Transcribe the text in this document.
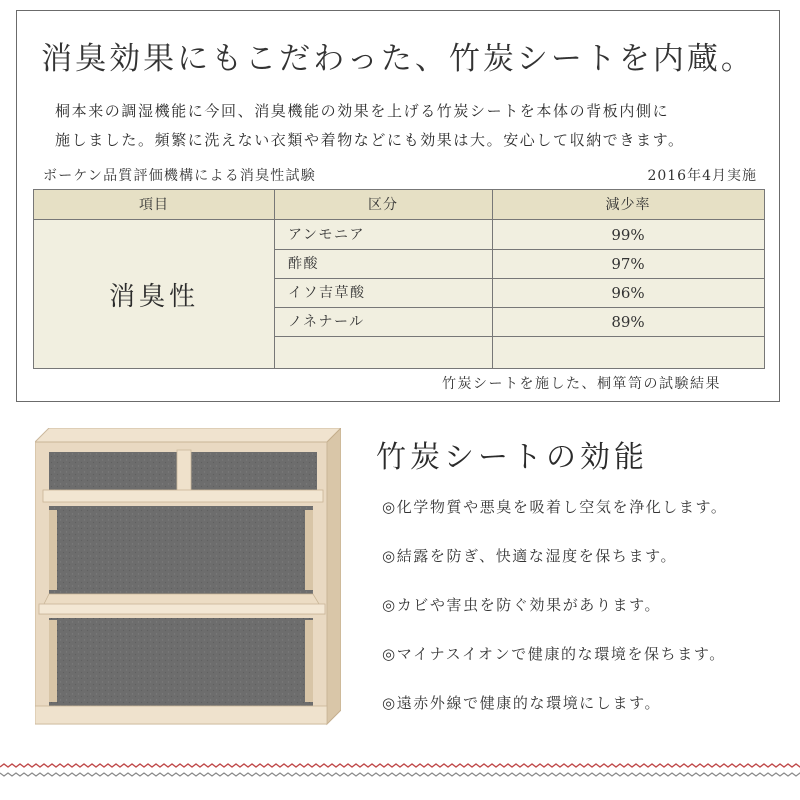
消臭効果にもこだわった、竹炭シートを内蔵。
桐本来の調湿機能に今回、消臭機能の効果を上げる竹炭シートを本体の背板内側に
施しました。頻繁に洗えない衣類や着物などにも効果は大。安心して収納できます。
ボーケン品質評価機構による消臭性試験	2016年4月実施
項目	区分	減少率
消臭性
アンモニア	99%
酢酸	97%
イソ吉草酸	96%
ノネナール	89%
竹炭シートを施した、桐箪笥の試験結果
竹炭シートの効能
◎化学物質や悪臭を吸着し空気を浄化します。
◎結露を防ぎ、快適な湿度を保ちます。
◎カビや害虫を防ぐ効果があります。
◎マイナスイオンで健康的な環境を保ちます。
◎遠赤外線で健康的な環境にします。
